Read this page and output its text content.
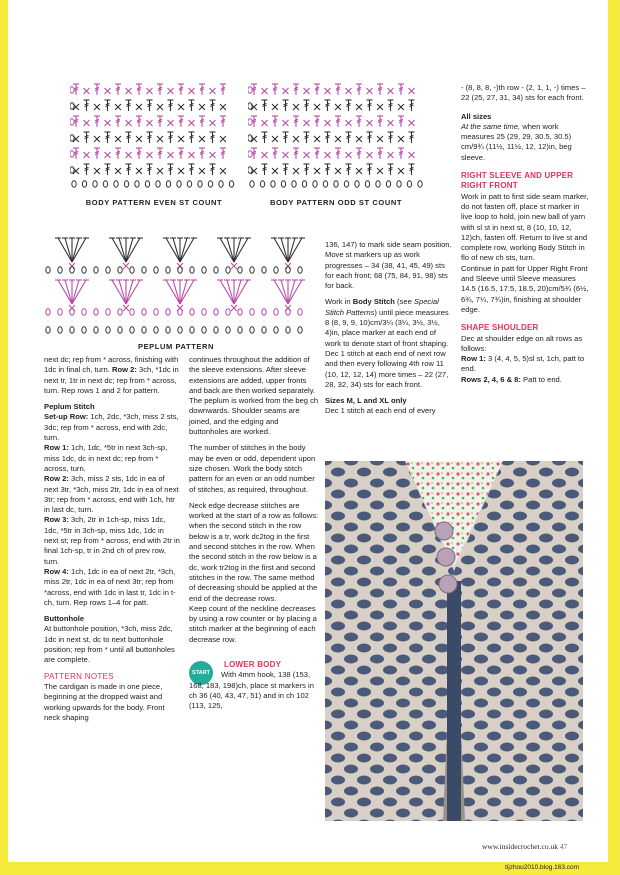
BODY PATTERN EVEN ST COUNT	BODY PATTERN ODD ST COUNT
PEPLUM PATTERN

next dc; rep from * across, finishing with 1dc in final ch, turn. Row 2: 3ch, *1dc in next tr, 1tr in next dc; rep from * across, turn. Rep rows 1 and 2 for pattern.

Peplum Stitch

Set-up Row: 1ch, 2dc, *3ch, miss 2 sts, 3dc; rep from * across, end with 2dc, turn.

Row 1: 1ch, 1dc, *5tr in next 3ch-sp, miss 1dc, dc in next dc; rep from * across, turn.

Row 2: 3ch, miss 2 sts, 1dc in ea of next 3tr, *3ch, miss 2tr, 1dc in ea of next 3tr; rep from * across, end with 1ch, htr in last dc, turn.

Row 3: 3ch, 2tr in 1ch-sp, miss 1dc, 1dc, *5tr in 3ch-sp, miss 1dc, 1dc in next st; rep from * across, end with 2tr in final 1ch-sp, tr in 2nd ch of prev row, turn.

Row 4: 1ch, 1dc in ea of next 2tr, *3ch, miss 2tr, 1dc in ea of next 3tr; rep from *across, end with 1dc in last tr, 1dc in t-ch, turn. Rep rows 1–4 for patt.

Buttonhole

At buttonhole position, *3ch, miss 2dc, 1dc in next st, dc to next buttonhole position; rep from * until all buttonholes are complete.

PATTERN NOTES

The cardigan is made in one piece, beginning at the dropped waist and working upwards for the body. Front neck shaping

continues throughout the addition of the sleeve extensions. After sleeve extensions are added, upper fronts and back are then worked separately. The peplum is worked from the beg ch downwards. Shoulder seams are joined, and the edging and buttonholes are worked.

The number of stitches in the body may be even or odd, dependent upon size chosen. Work the body stitch pattern for an even or an odd number of stitches, as required, throughout.

Neck edge decrease stitches are worked at the start of a row as follows: when the second stitch in the row below is a tr, work dc2tog in the first and second stitches in the row. When the second stitch in the row below is a dc, work tr2tog in the first and second stitches in the row. The same method of decreasing should be applied at the end of the decrease rows.

Keep count of the neckline decreases by using a row counter or by placing a stitch marker at the beginning of each decrease row.

START

LOWER BODY

With 4mm hook, 138 (153, 168, 183, 198)ch, place st markers in ch 36 (40, 43, 47, 51) and in ch 102 (113, 125,

136, 147) to mark side seam position. Move st markers up as work progresses – 34 (38, 41, 45, 49) sts for each front; 68 (75, 84, 91, 98) sts for back.

Work in Body Stitch (see Special Stitch Patterns) until piece measures 8 (8, 9, 9, 10)cm/3¼ (3¼, 3½, 3½, 4)in, place marker at each end of work to denote start of front shaping. Dec 1 stitch at each end of next row and then every following 4th row 11 (10, 12, 12, 14) more times – 22 (27, 28, 32, 34) sts for each front.

Sizes M, L and XL only

Dec 1 stitch at each end of every

- (8, 8, 8, -)th row - (2, 1, 1, -) times – 22 (25, 27, 31, 34) sts for each front.

All sizes

At the same time, when work measures 25 (29, 29, 30.5, 30.5) cm/9¾ (11½, 11½, 12, 12)in, beg sleeve.

RIGHT SLEEVE AND UPPER RIGHT FRONT

Work in patt to first side seam marker, do not fasten off, place st marker in live loop to hold, join new ball of yarn with sl st in next st, 8 (10, 10, 12, 12)ch, fasten off. Return to live st and complete row, working Body Stitch in flo of new ch sts, turn.

Continue in patt for Upper Right Front and Sleeve until Sleeve measures 14.5 (16.5, 17.5, 18.5, 20)cm/5¾ (6½, 6¾, 7¼, 7¾)in, finishing at shoulder edge.

SHAPE SHOULDER

Dec at shoulder edge on alt rows as follows:

Row 1: 3 (4, 4, 5, 5)sl st, 1ch, patt to end.

Rows 2, 4, 6 & 8: Patt to end.

www.insidecrochet.co.uk 47
tijzhou2010.blog.163.com
